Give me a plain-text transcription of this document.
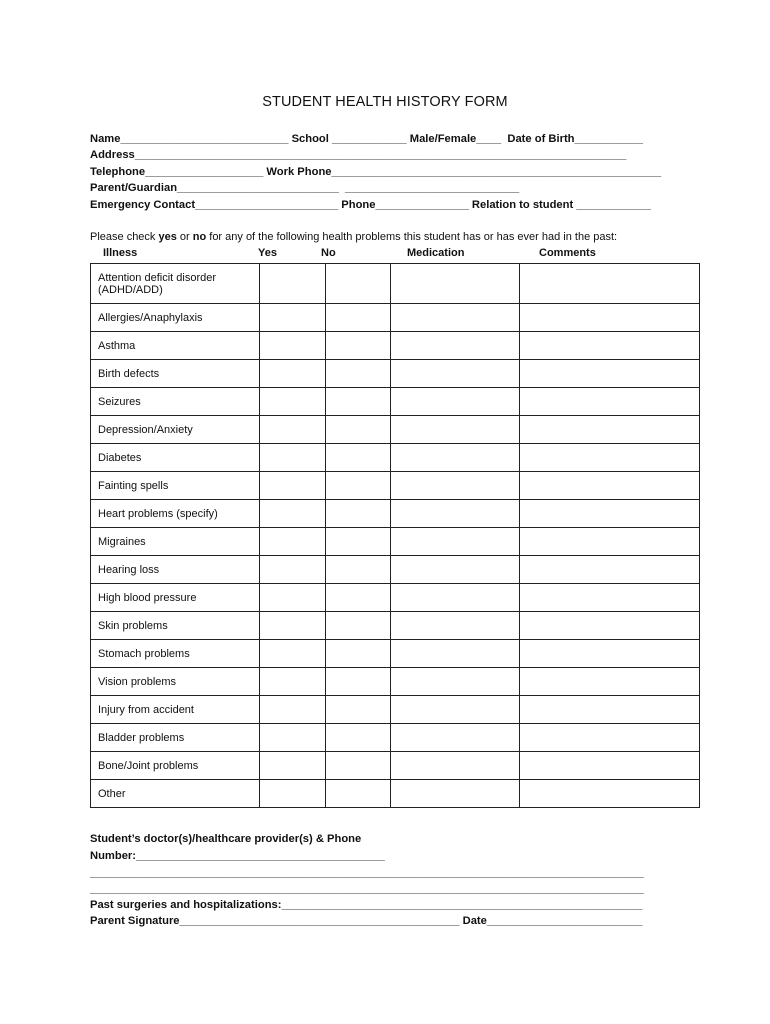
STUDENT HEALTH HISTORY FORM
Name___________________________ School ____________ Male/Female____  Date of Birth___________
Address_______________________________________________________________________________
Telephone___________________ Work Phone_____________________________________________________
Parent/Guardian__________________________  ____________________________
Emergency Contact_______________________ Phone_______________ Relation to student ____________
Please check yes or no for any of the following health problems this student has or has ever had in the past:
Illness	Yes	No	Medication	Comments
Attention deficit disorder (ADHD/ADD)				
Allergies/Anaphylaxis				
Asthma				
Birth defects				
Seizures				
Depression/Anxiety				
Diabetes				
Fainting spells				
Heart problems (specify)				
Migraines				
Hearing loss				
High blood pressure				
Skin problems				
Stomach problems				
Vision problems				
Injury from accident				
Bladder problems				
Bone/Joint problems				
Other				
Student’s doctor(s)/healthcare provider(s) & Phone
Number:________________________________________
_________________________________________________________________________________________
_________________________________________________________________________________________
Past surgeries and hospitalizations:__________________________________________________________
Parent Signature_____________________________________________ Date_________________________
